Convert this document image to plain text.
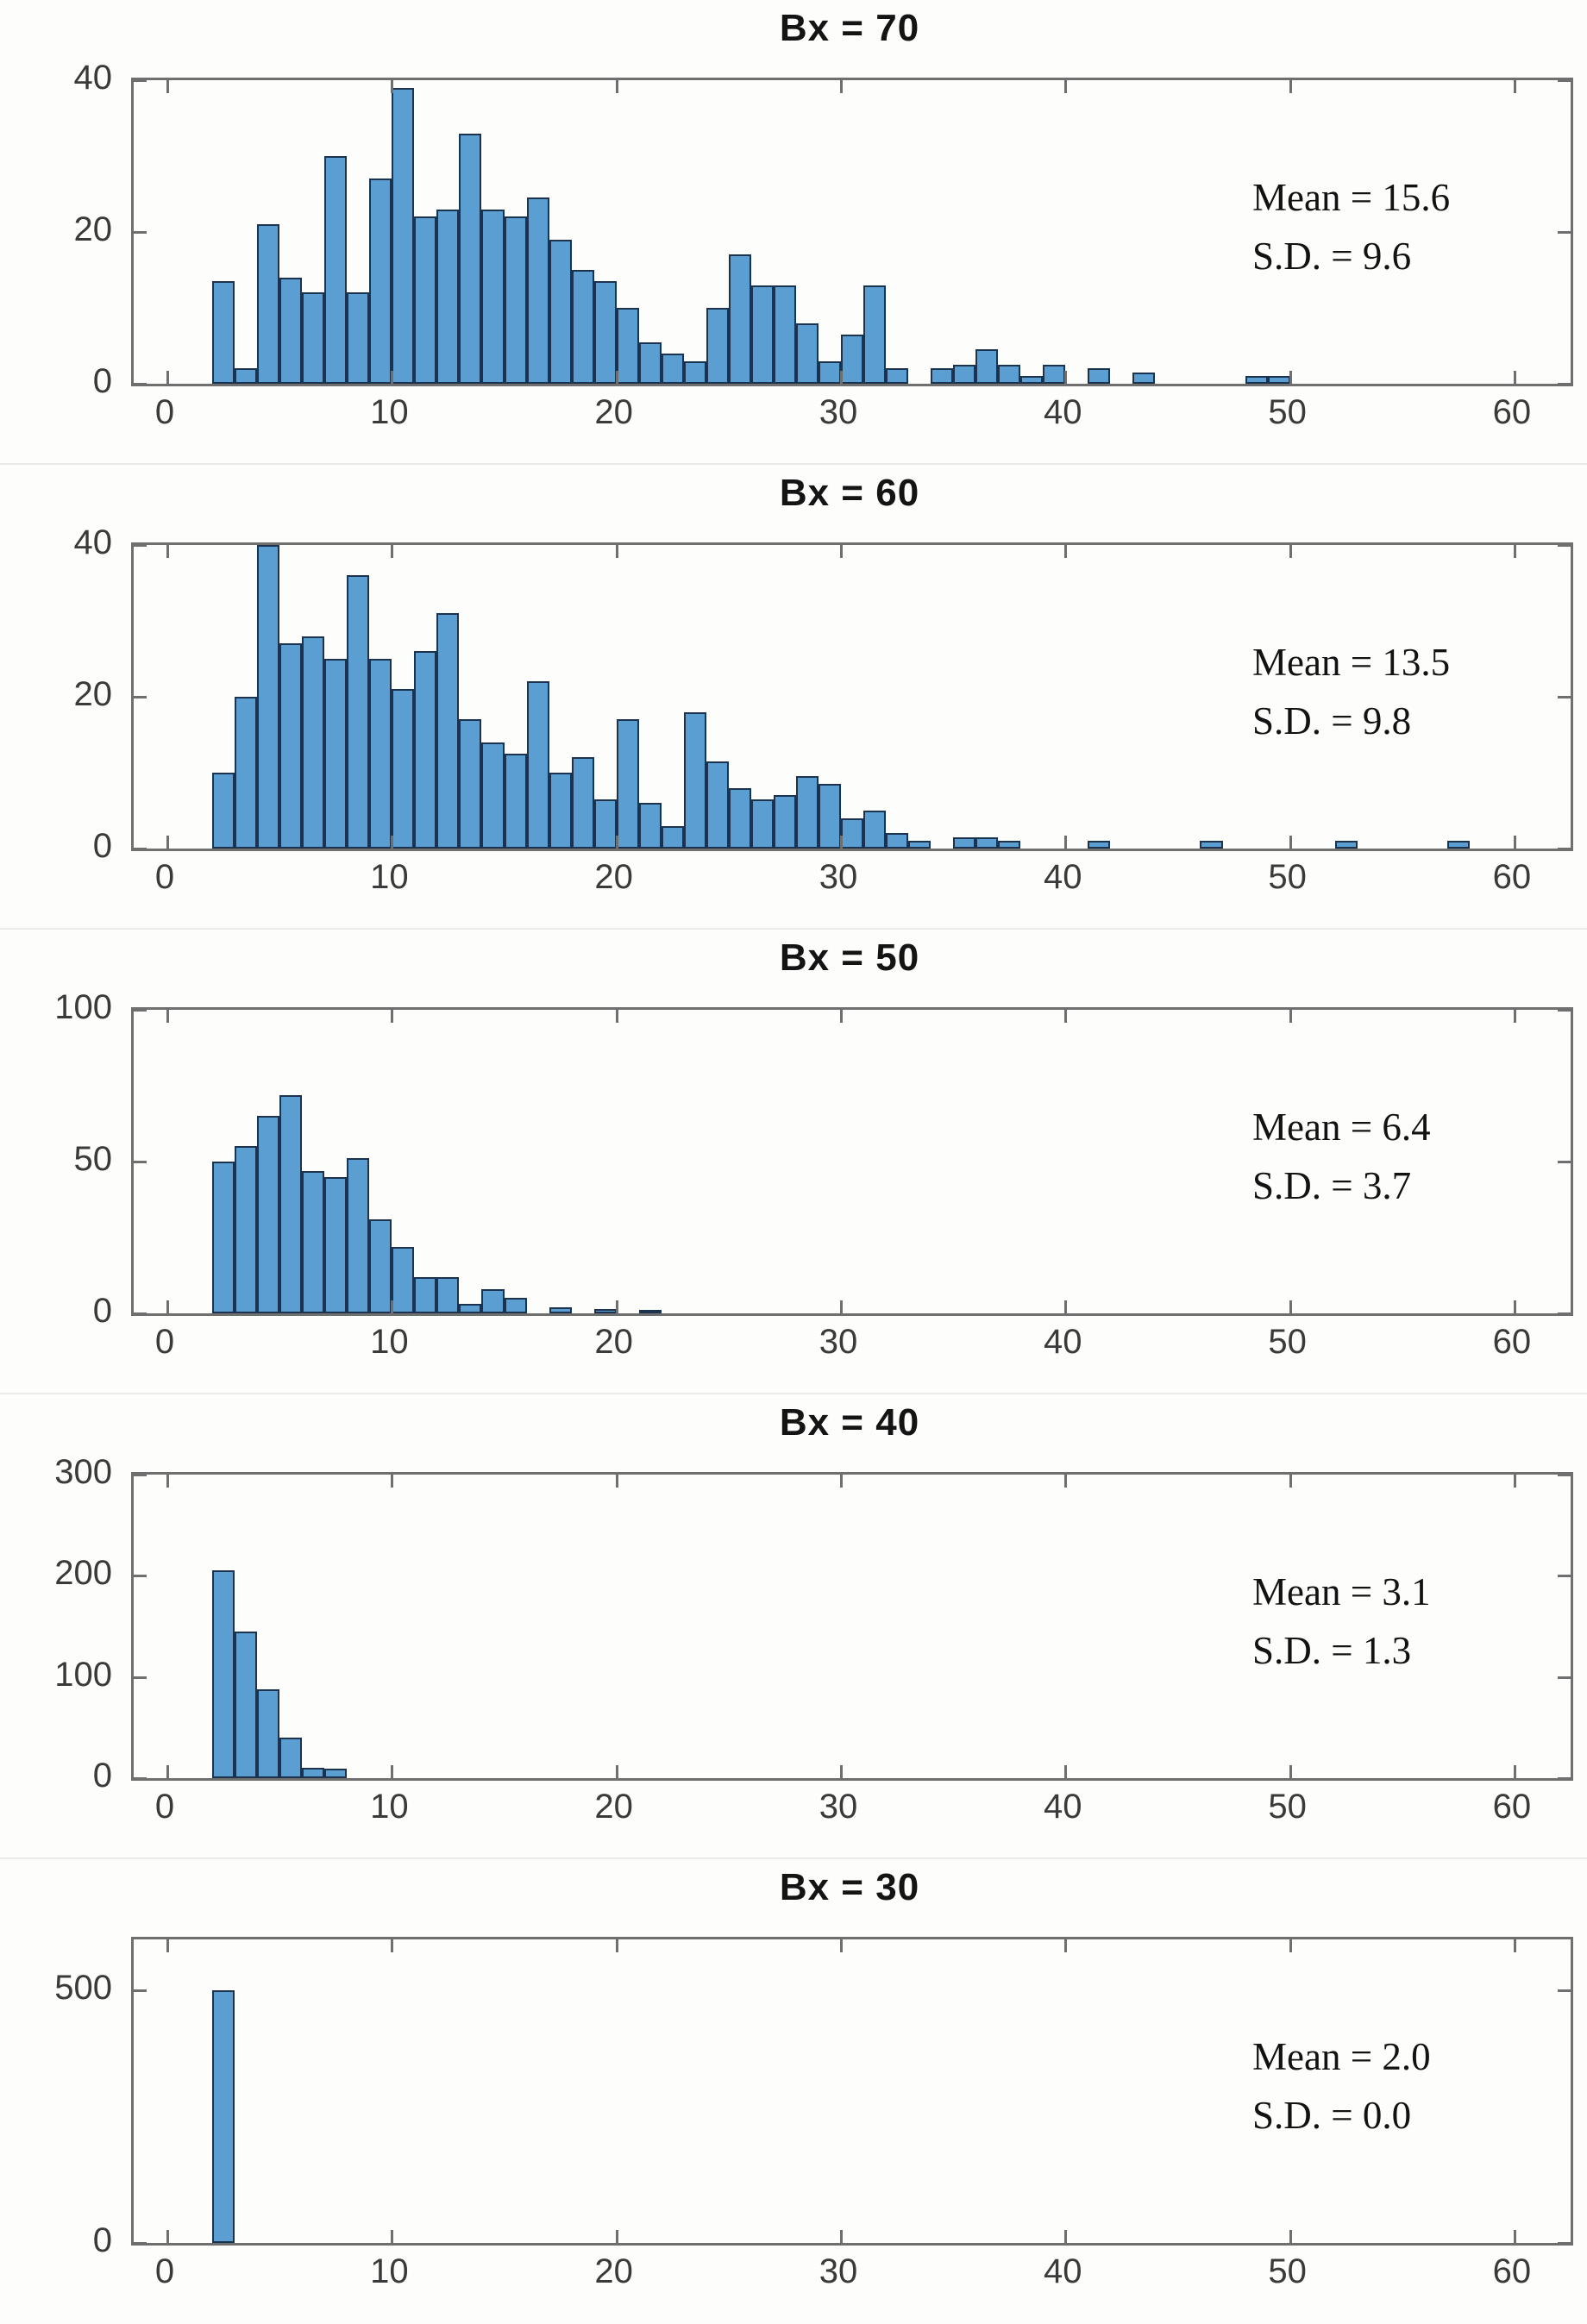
Bx = 70
Mean = 15.6
S.D. = 9.6
0	10	20	30	40	50	60
0
20
40
Bx = 60
Mean = 13.5
S.D. = 9.8
0	10	20	30	40	50	60
0
20
40
Bx = 50
Mean = 6.4
S.D. = 3.7
0	10	20	30	40	50	60
0
50
100
Bx = 40
Mean = 3.1
S.D. = 1.3
0	10	20	30	40	50	60
0
100
200
300
Bx = 30
Mean = 2.0
S.D. = 0.0
0	10	20	30	40	50	60
0
500
